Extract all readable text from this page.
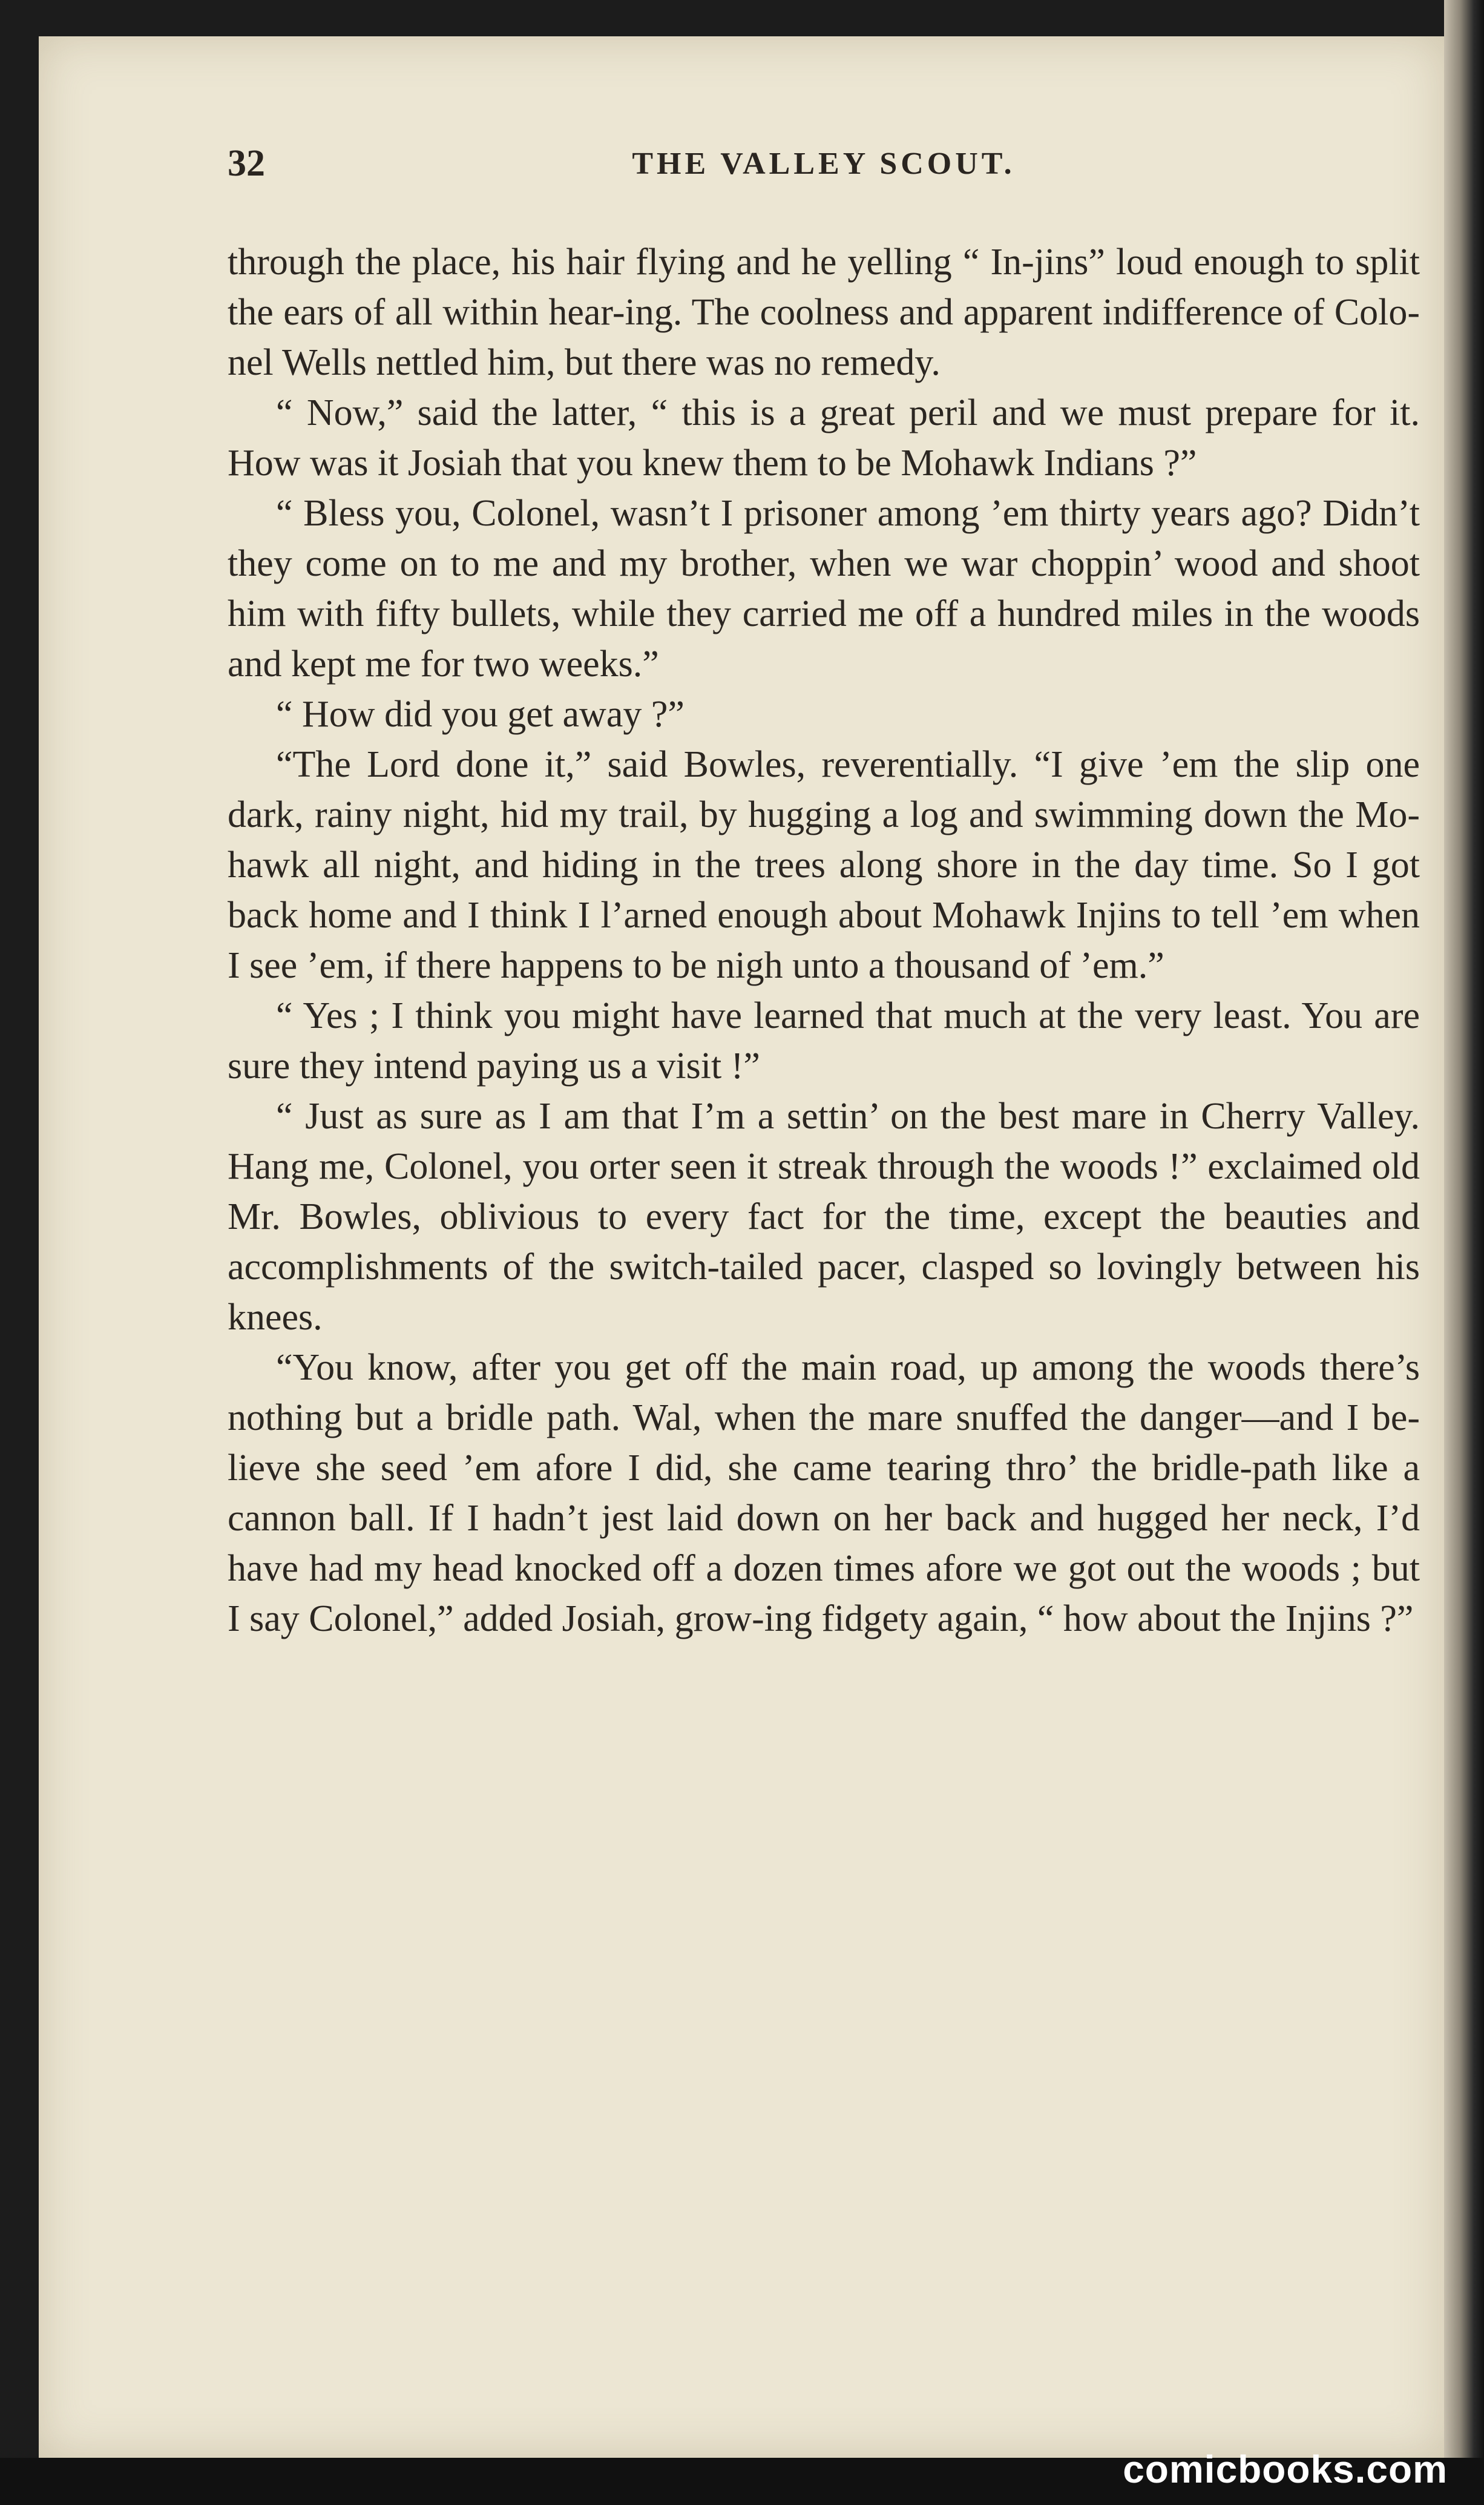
32	THE VALLEY SCOUT.

through the place, his hair flying and he yelling “ In-jins” loud enough to split the ears of all within hear-ing. The coolness and apparent indifference of Colo-nel Wells nettled him, but there was no remedy.

“ Now,” said the latter, “ this is a great peril and we must prepare for it. How was it Josiah that you knew them to be Mohawk Indians ?”

“ Bless you, Colonel, wasn’t I prisoner among ’em thirty years ago? Didn’t they come on to me and my brother, when we war choppin’ wood and shoot him with fifty bullets, while they carried me off a hundred miles in the woods and kept me for two weeks.”

“ How did you get away ?”

“The Lord done it,” said Bowles, reverentially. “I give ’em the slip one dark, rainy night, hid my trail, by hugging a log and swimming down the Mo-hawk all night, and hiding in the trees along shore in the day time. So I got back home and I think I l’arned enough about Mohawk Injins to tell ’em when I see ’em, if there happens to be nigh unto a thousand of ’em.”

“ Yes ; I think you might have learned that much at the very least. You are sure they intend paying us a visit !”

“ Just as sure as I am that I’m a settin’ on the best mare in Cherry Valley. Hang me, Colonel, you orter seen it streak through the woods !” exclaimed old Mr. Bowles, oblivious to every fact for the time, except the beauties and accomplishments of the switch-tailed pacer, clasped so lovingly between his knees.

“You know, after you get off the main road, up among the woods there’s nothing but a bridle path. Wal, when the mare snuffed the danger—and I be-lieve she seed ’em afore I did, she came tearing thro’ the bridle-path like a cannon ball. If I hadn’t jest laid down on her back and hugged her neck, I’d have had my head knocked off a dozen times afore we got out the woods ; but I say Colonel,” added Josiah, grow-ing fidgety again, “ how about the Injins ?”

comicbooks.com
